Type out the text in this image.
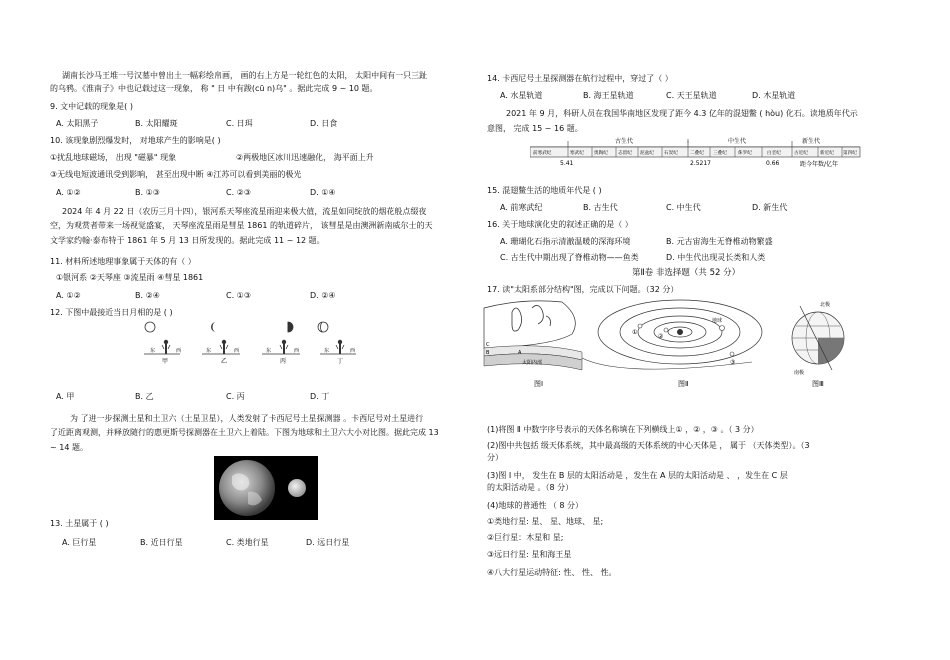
湖南长沙马王堆一号汉墓中曾出土一幅彩绘帛画， 画的右上方是一轮红色的太阳， 太阳中间有一只三趾
的乌鸦。《淮南子》中也记载过这一现象， 称 " 日 中有踆(cū n)乌" 。据此完成 9 ~ 10 题。
9. 文中记载的现象是( )
A. 太阳黑子	B. 太阳耀斑	C. 日珥	D. 日食
10. 该现象剧烈爆发时， 对地球产生的影响是( )
①扰乱地球磁场， 出现 "磁暴" 现象	②两极地区冰川迅速融化， 海平面上升
③无线电短波通讯受到影响， 甚至出现中断 ④江苏可以看到美丽的极光
A. ①②	B. ①③	C. ②③	D. ①④
2024 年 4 月 22 日（农历三月十四），银河系天琴座流星雨迎来极大值，流星如同绽放的烟花般点缀夜
空，为观赏者带来一场视觉盛宴， 天琴座流星雨是彗星 1861 的轨道碎片， 该彗星是由澳洲新南威尔士的天
文学家约翰·泰布特于 1861 年 5 月 13 日所发现的。据此完成 11 ~ 12 题。
11. 材料所述地理事象属于天体的有（ ）
①银河系 ②天琴座 ③流星雨 ④彗星 1861
A. ①②	B. ②④	C. ①③	D. ②④
12. 下图中最接近当日月相的是 ( )
东	西	东	西	东	西	东	西
甲	乙	丙	丁
A. 甲	B. 乙	C. 丙	D. 丁
为 了进一步探测土星和土卫六（土星卫星），人类发射了卡西尼号土星探测器 。卡西尼号对土星进行
了近距离观测，并释放随行的惠更斯号探测器在土卫六上着陆。下图为地球和土卫六大小对比图。据此完成 13
~ 14 题。
13. 土星属于 ( )
A. 巨行星	B. 近日行星	C. 类地行星	D. 远日行星
14. 卡西尼号土星探测器在航行过程中，穿过了（ ）
A. 水星轨道	B. 海王星轨道	C. 天王星轨道	D. 木星轨道
2021 年 9 月，科研人员在我国华南地区发现了距今 4.3 亿年的混翅鳖 ( hòu) 化石。读地质年代示
意图， 完成 15 ~ 16 题。
古生代	中生代	新生代
前寒武纪	寒武纪 奥陶纪 志留纪 泥盆纪 石炭纪	二叠纪 三叠纪 侏罗纪	白垩纪	古近纪	新近纪 第四纪
5.41	2.5217	0.66	距今年数/亿年
15. 混翅鳖生活的地质年代是 ( )
A. 前寒武纪	B. 古生代	C. 中生代	D. 新生代
16. 关于地球演化史的叙述正确的是（ ）
A. 珊瑚化石指示清澈温暖的深海环境	B. 元古宙海生无脊椎动物繁盛
C. 古生代中期出现了脊椎动物——鱼类	D. 中生代出现灵长类和人类
第Ⅱ卷 非选择题（共 52 分）
17. 读"太阳系部分结构"图，完成以下问题。（32 分）
C
B	A
太阳内部
图Ⅰ
地球
①
②
③
图Ⅱ
北极
南极
图Ⅲ
(1)将图 Ⅱ 中数字序号表示的天体名称填在下列横线上① ，② ，③ 。（ 3 分）
(2)图中共包括 级天体系统，其中最高级的天体系统的中心天体是 ， 属于 （天体类型）。（3
分）
(3)图 Ⅰ 中， 发生在 B 层的太阳活动是 ，发生在 A 层的太阳活动是 、 ，发生在 C 层
的太阳活动是 。（8 分）
(4)地球的普通性 （ 8 分）
①类地行星: 星、 星、地球、 星;
②巨行星：木星和 星;
③远日行星: 星和海王星
④八大行星运动特征: 性、 性、 性。
